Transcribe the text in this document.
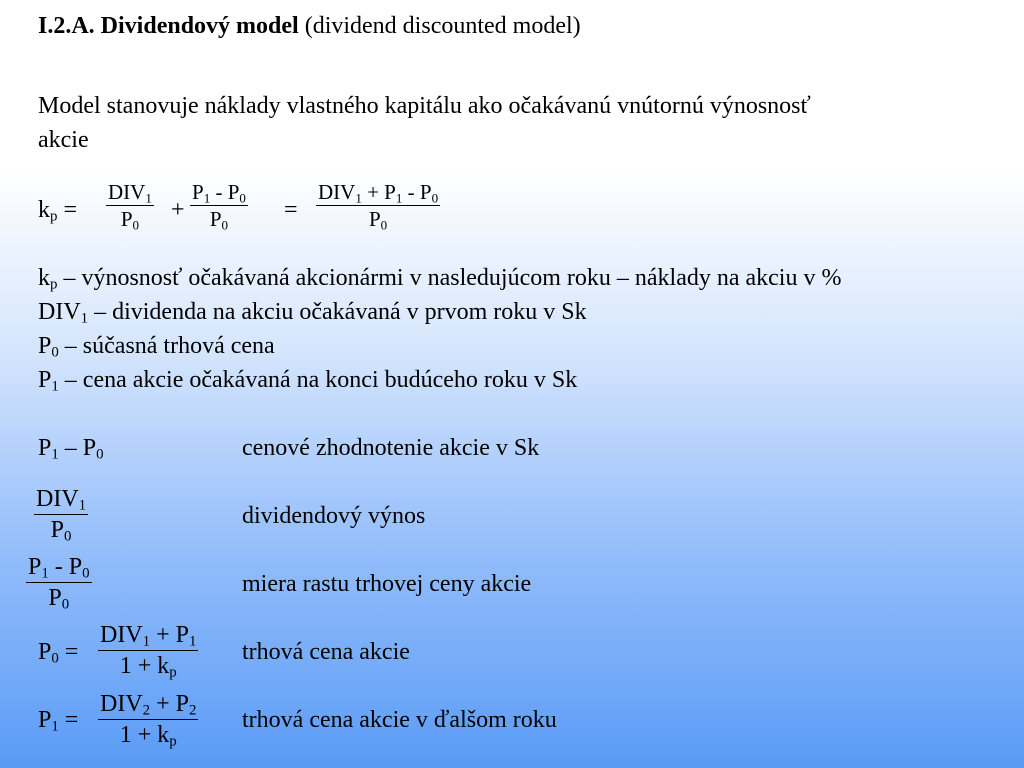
I.2.A. Dividendový model (dividend discounted model)
Model stanovuje náklady vlastného kapitálu ako očakávanú vnútornú výnosnosť
akcie
$k_p$ =
$DIV_1$
$P_0$
+ $\frac{P_1 - P_0}{P_0}$ =
$DIV_1 + P_1 - P_0$
$P_0$
$k_p$ – výnosnosť očakávaná akcionármi v nasledujúcom roku – náklady na akciu v %
$DIV_1$ – dividenda na akciu očakávaná v prvom roku v Sk
$P_0$ – súčasná trhová cena
$P_1$ – cena akcie očakávaná na konci budúceho roku v Sk
$P_1 - P_0$	cenové zhodnotenie akcie v Sk
$DIV_1$
$P_0$
dividendový výnos
$\frac{P_1 - P_0}{P_0}$	miera rastu trhovej ceny akcie
$P_0$ =
$DIV_1 + P_1$
$1 + k_p$
trhová cena akcie
$P_1$ =
$DIV_2 + P_2$
$1 + k_p$
trhová cena akcie v ďalšom roku
